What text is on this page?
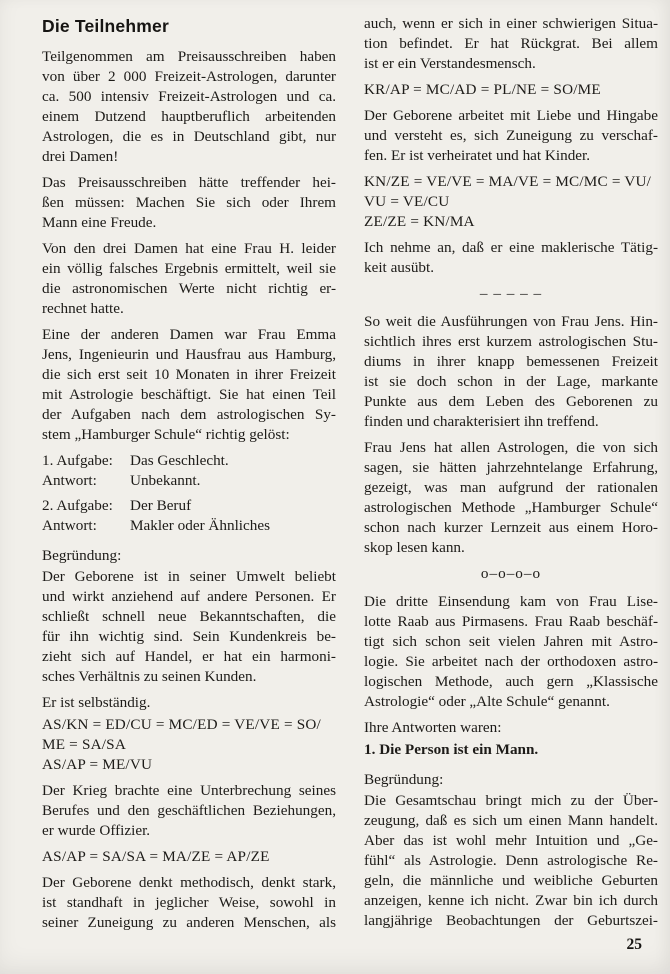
Die Teilnehmer

Teilgenommen am Preisausschreiben haben
von über 2 000 Freizeit-Astrologen, darunter
ca. 500 intensiv Freizeit-Astrologen und ca.
einem Dutzend hauptberuflich arbeitenden
Astrologen, die es in Deutschland gibt, nur
drei Damen!

Das Preisausschreiben hätte treffender hei-
ßen müssen: Machen Sie sich oder Ihrem
Mann eine Freude.

Von den drei Damen hat eine Frau H. leider
ein völlig falsches Ergebnis ermittelt, weil sie
die astronomischen Werte nicht richtig er-
rechnet hatte.

Eine der anderen Damen war Frau Emma
Jens, Ingenieurin und Hausfrau aus Hamburg,
die sich erst seit 10 Monaten in ihrer Freizeit
mit Astrologie beschäftigt. Sie hat einen Teil
der Aufgaben nach dem astrologischen Sy-
stem „Hamburger Schule“ richtig gelöst:

1. Aufgabe:	Das Geschlecht.
Antwort:	Unbekannt.
2. Aufgabe:	Der Beruf
Antwort:	Makler oder Ähnliches
Begründung:

Der Geborene ist in seiner Umwelt beliebt
und wirkt anziehend auf andere Personen. Er
schließt schnell neue Bekanntschaften, die
für ihn wichtig sind. Sein Kundenkreis be-
zieht sich auf Handel, er hat ein harmoni-
sches Verhältnis zu seinen Kunden.

Er ist selbständig.
AS/KN = ED/CU = MC/ED = VE/VE = SO/
ME = SA/SA
AS/AP = ME/VU

Der Krieg brachte eine Unterbrechung seines
Berufes und den geschäftlichen Beziehungen,
er wurde Offizier.

AS/AP = SA/SA = MA/ZE = AP/ZE

Der Geborene denkt methodisch, denkt stark,
ist standhaft in jeglicher Weise, sowohl in
seiner Zuneigung zu anderen Menschen, als

auch, wenn er sich in einer schwierigen Situa-
tion befindet. Er hat Rückgrat. Bei allem
ist er ein Verstandesmensch.

KR/AP = MC/AD = PL/NE = SO/ME

Der Geborene arbeitet mit Liebe und Hingabe
und versteht es, sich Zuneigung zu verschaf-
fen. Er ist verheiratet und hat Kinder.

KN/ZE = VE/VE = MA/VE = MC/MC = VU/
VU = VE/CU
ZE/ZE = KN/MA

Ich nehme an, daß er eine maklerische Tätig-
keit ausübt.

– – – – –

So weit die Ausführungen von Frau Jens. Hin-
sichtlich ihres erst kurzem astrologischen Stu-
diums in ihrer knapp bemessenen Freizeit
ist sie doch schon in der Lage, markante
Punkte aus dem Leben des Geborenen zu
finden und charakterisiert ihn treffend.

Frau Jens hat allen Astrologen, die von sich
sagen, sie hätten jahrzehntelange Erfahrung,
gezeigt, was man aufgrund der rationalen
astrologischen Methode „Hamburger Schule“
schon nach kurzer Lernzeit aus einem Horo-
skop lesen kann.

o–o–o–o

Die dritte Einsendung kam von Frau Lise-
lotte Raab aus Pirmasens. Frau Raab beschäf-
tigt sich schon seit vielen Jahren mit Astro-
logie. Sie arbeitet nach der orthodoxen astro-
logischen Methode, auch gern „Klassische
Astrologie“ oder „Alte Schule“ genannt.

Ihre Antworten waren:
1. Die Person ist ein Mann.
Begründung:

Die Gesamtschau bringt mich zu der Über-
zeugung, daß es sich um einen Mann handelt.
Aber das ist wohl mehr Intuition und „Ge-
fühl“ als Astrologie. Denn astrologische Re-
geln, die männliche und weibliche Geburten
anzeigen, kenne ich nicht. Zwar bin ich durch
langjährige Beobachtungen der Geburtszei-

25
